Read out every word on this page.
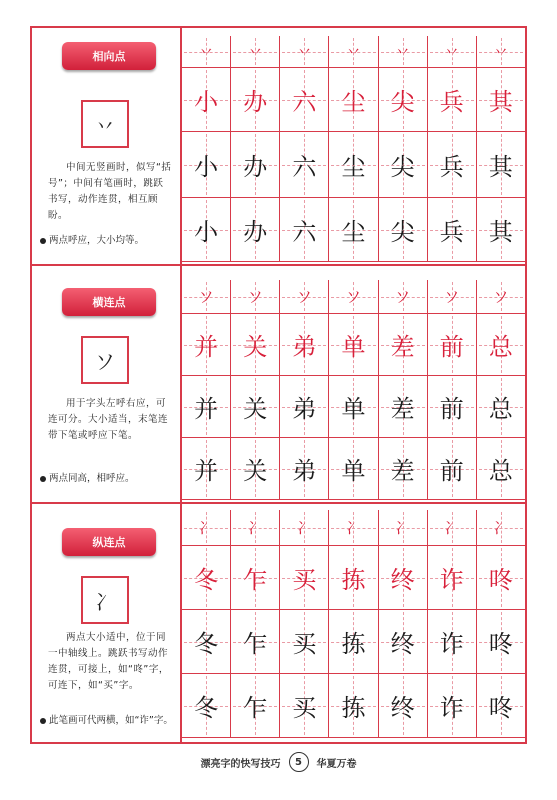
相向点
丷
中间无竖画时，似写“括号”；中间有笔画时，跳跃书写，动作连贯，相互顾盼。
两点呼应，大小均等。
丷 丷 丷 丷 丷 丷 丷
小 办 六 尘 尖 兵 其
小 办 六 尘 尖 兵 其
小 办 六 尘 尖 兵 其
横连点
ソ
用于字头左呼右应，可连可分。大小适当，末笔连带下笔或呼应下笔。
两点同高，相呼应。
ソ ソ ソ ソ ソ ソ ソ
并 关 弟 单 差 前 总
并 关 弟 单 差 前 总
并 关 弟 单 差 前 总
纵连点
冫
两点大小适中，位于同一中轴线上。跳跃书写动作连贯，可接上，如“咚”字，可连下，如“买”字。
此笔画可代两横，如“诈”字。
冫 冫 冫 冫 冫 冫 冫
冬 乍 买 拣 终 诈 咚
冬 乍 买 拣 终 诈 咚
冬 乍 买 拣 终 诈 咚
漂亮字的快写技巧	5	华夏万卷
